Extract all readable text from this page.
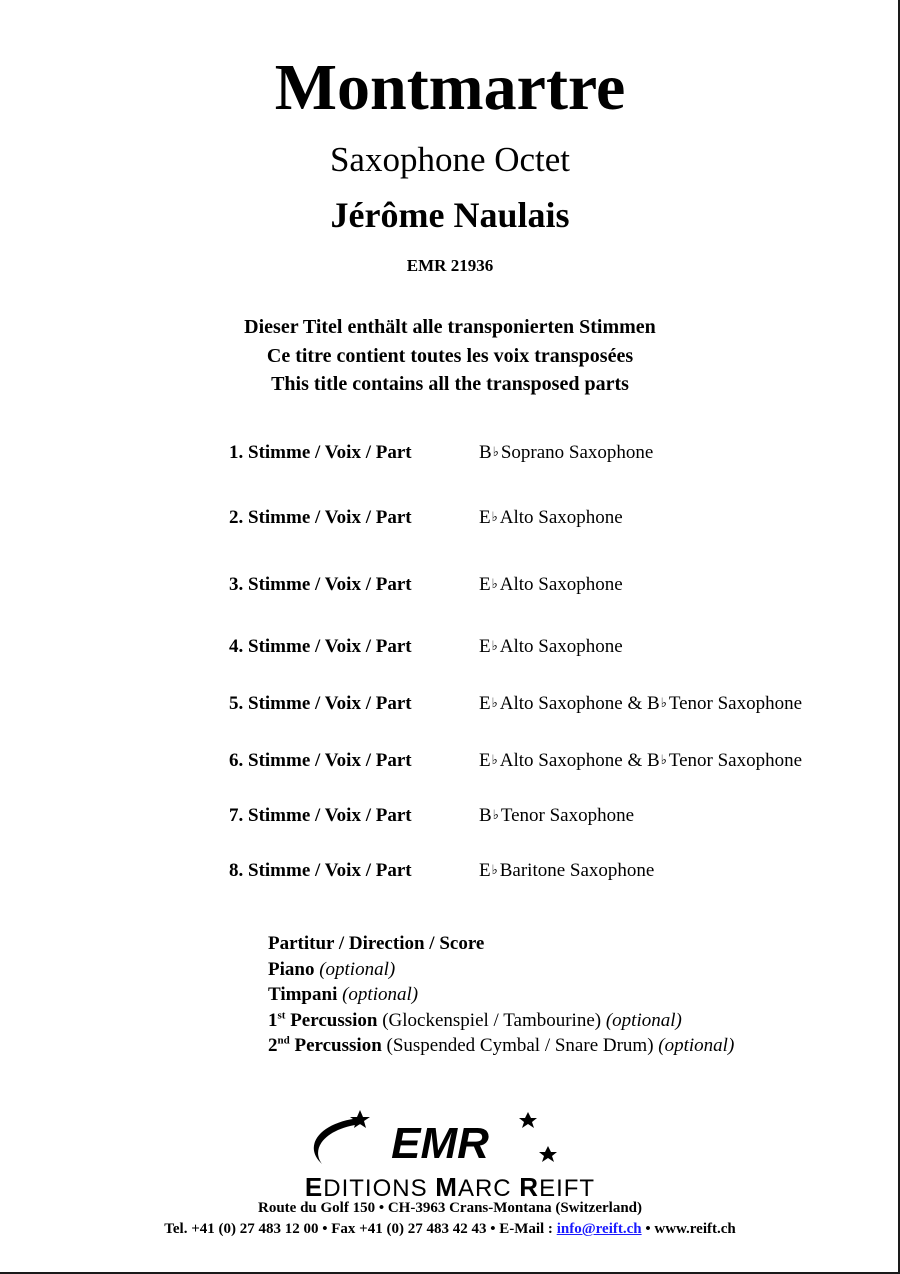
Montmartre
Saxophone Octet
Jérôme Naulais
EMR 21936
Dieser Titel enthält alle transponierten Stimmen
Ce titre contient toutes les voix transposées
This title contains all the transposed parts
1. Stimme / Voix / Part	B♭ Soprano Saxophone
2. Stimme / Voix / Part	E♭ Alto Saxophone
3. Stimme / Voix / Part	E♭ Alto Saxophone
4. Stimme / Voix / Part	E♭ Alto Saxophone
5. Stimme / Voix / Part	E♭ Alto Saxophone & B♭ Tenor Saxophone
6. Stimme / Voix / Part	E♭ Alto Saxophone & B♭ Tenor Saxophone
7. Stimme / Voix / Part	B♭ Tenor Saxophone
8. Stimme / Voix / Part	E♭ Baritone Saxophone
Partitur / Direction / Score
Piano (optional)
Timpani (optional)
1st Percussion (Glockenspiel / Tambourine) (optional)
2nd Percussion (Suspended Cymbal / Snare Drum) (optional)
EMR
EDITIONS MARC REIFT
Route du Golf 150 • CH-3963 Crans-Montana (Switzerland)
Tel. +41 (0) 27 483 12 00 • Fax +41 (0) 27 483 42 43 • E-Mail : info@reift.ch • www.reift.ch
